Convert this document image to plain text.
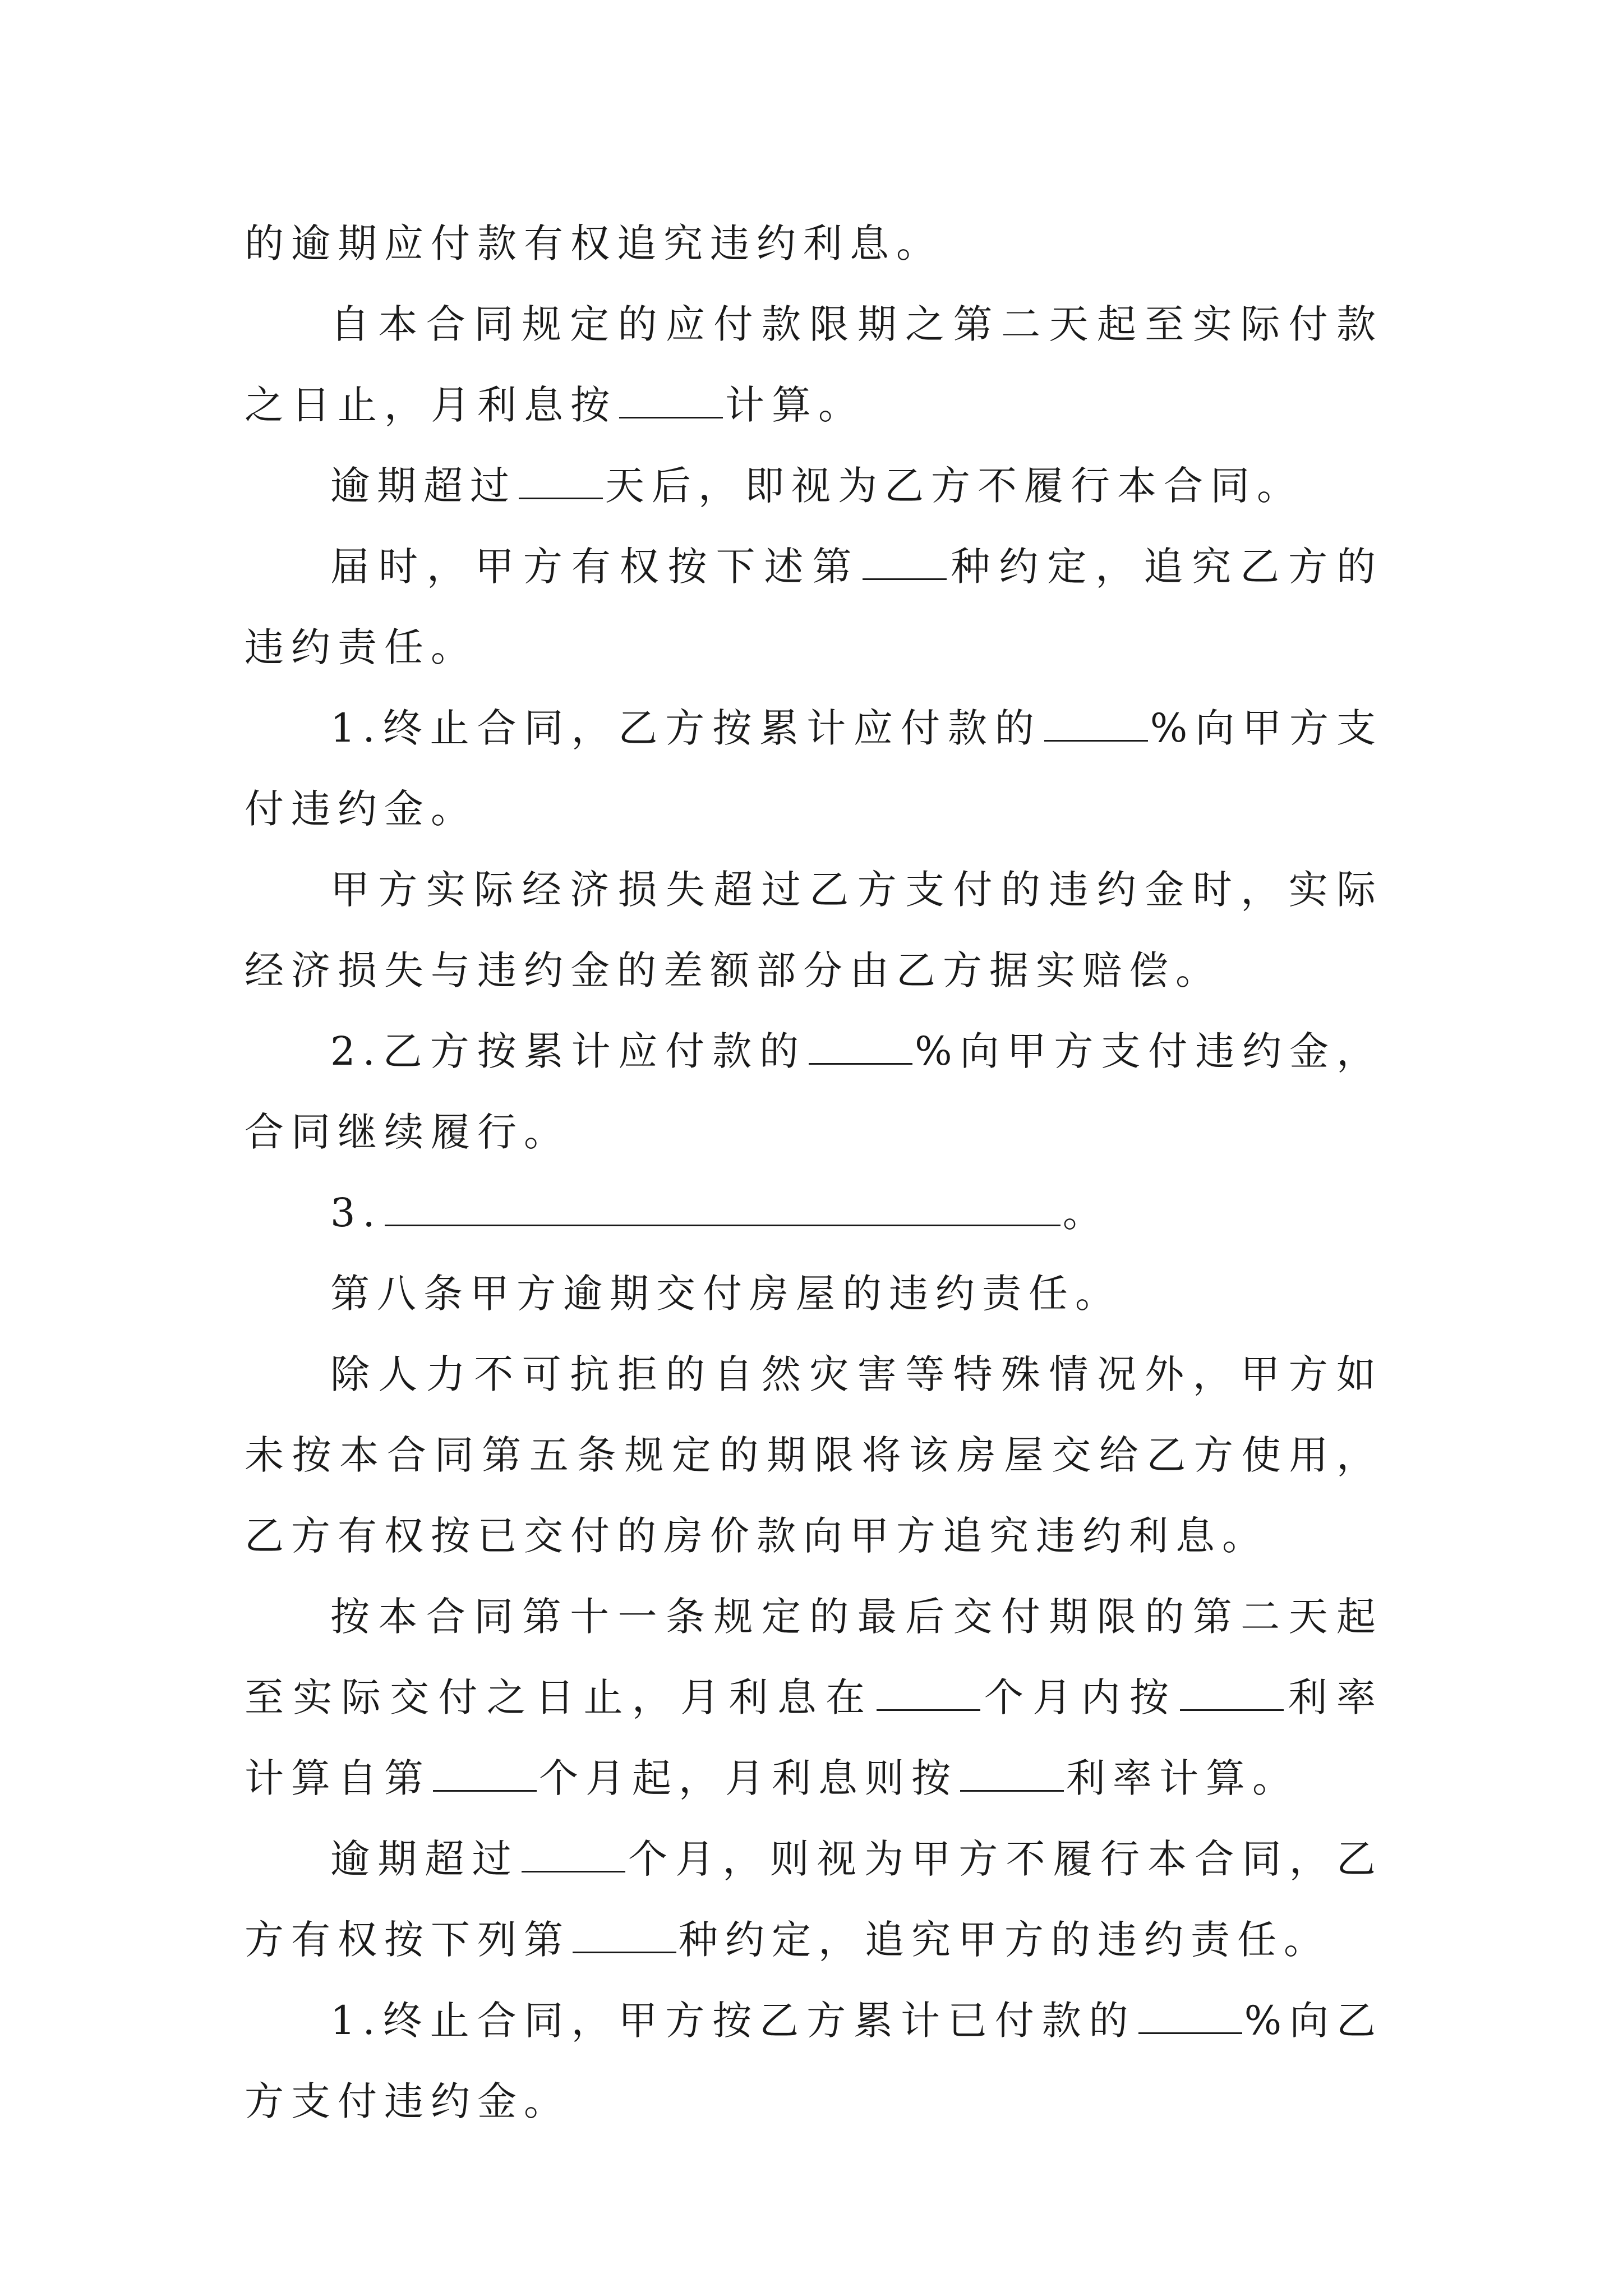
的逾期应付款有权追究违约利息。

自本合同规定的应付款限期之第二天起至实际付款之日止，月利息按	计算。

逾期超过 天后，即视为乙方不履行本合同。

届时，甲方有权按下述第 种约定，追究乙方的违约责任。

1.终止合同，乙方按累计应付款的	%向甲方支付违约金。

甲方实际经济损失超过乙方支付的违约金时，实际经济损失与违约金的差额部分由乙方据实赔偿。

2.乙方按累计应付款的	%向甲方支付违约金，合同继续履行。

3.	。

第八条甲方逾期交付房屋的违约责任。

除人力不可抗拒的自然灾害等特殊情况外，甲方如未按本合同第五条规定的期限将该房屋交给乙方使用，乙方有权按已交付的房价款向甲方追究违约利息。

按本合同第十一条规定的最后交付期限的第二天起至实际交付之日止，月利息在	个月内按	利率计算自第	个月起，月利息则按	利率计算。

逾期超过	个月，则视为甲方不履行本合同，乙方有权按下列第	种约定，追究甲方的违约责任。

1.终止合同，甲方按乙方累计已付款的	%向乙方支付违约金。
